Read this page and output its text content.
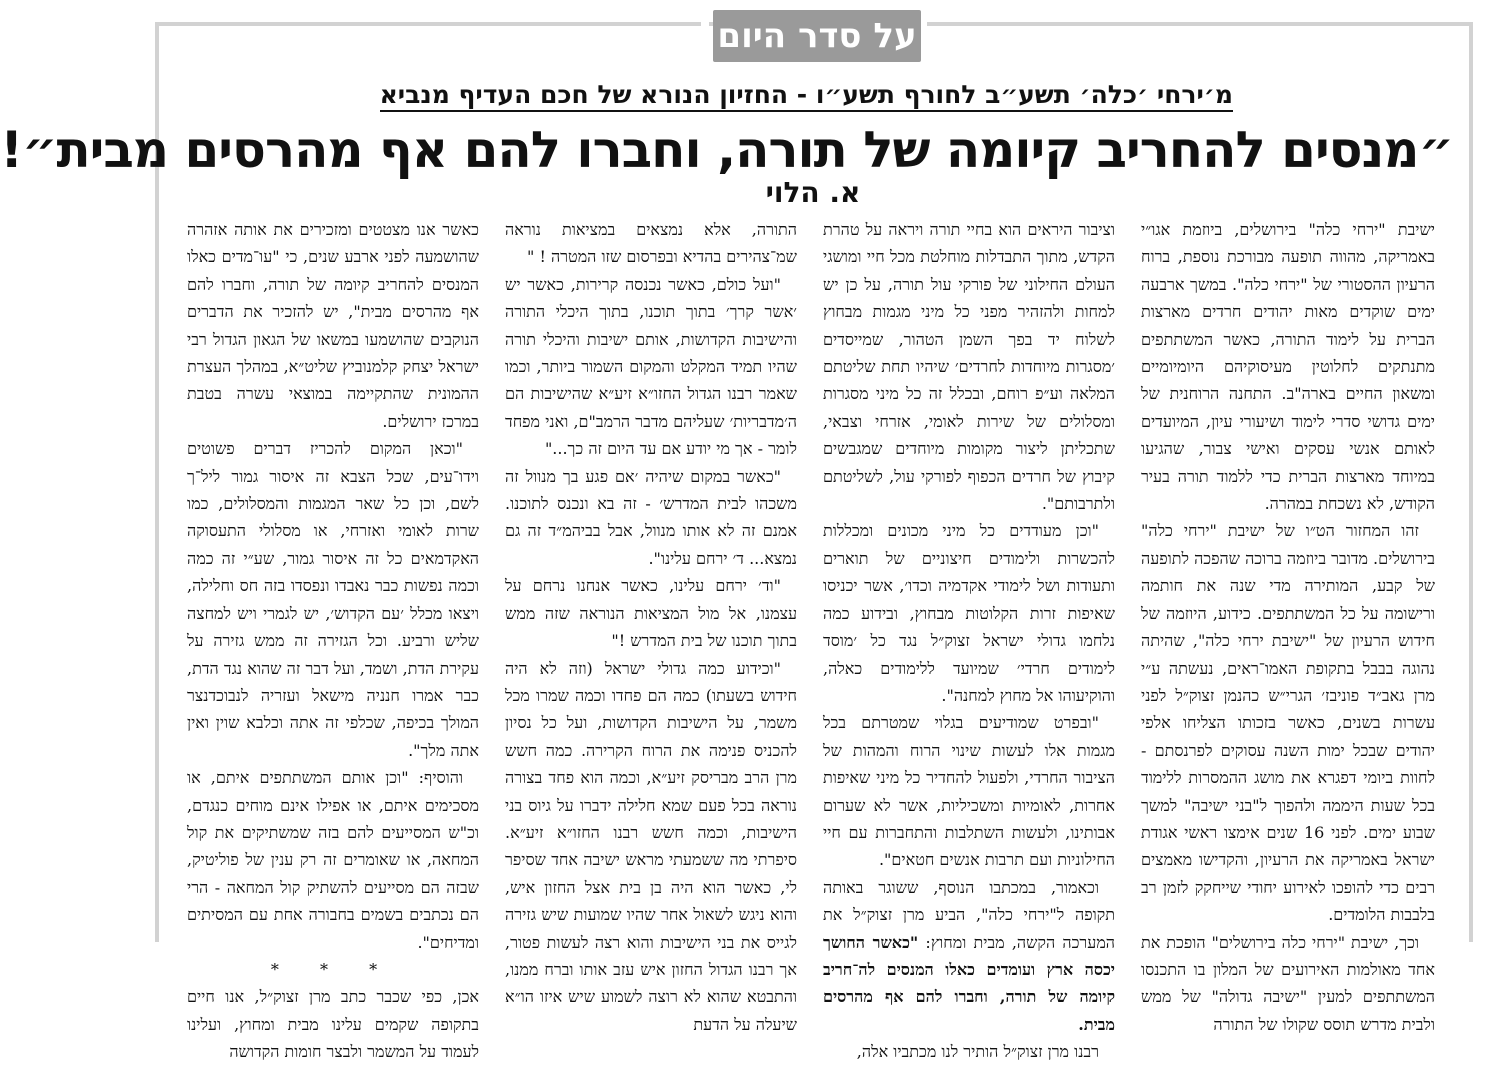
על סדר היום
מ׳ירחי ׳כלה׳ תשע״ב לחורף תשע״ו - החזיון הנורא של חכם העדיף מנביא
״מנסים להחריב קיומה של תורה, וחברו להם אף מהרסים מבית״!
א. הלוי

ישיבת "ירחי כלה" בירושלים, ביוזמת אגו״י באמריקה, מהווה תופעה מבורכת נוספת, ברוח הרעיון ההסטורי של "ירחי כלה". במשך ארבעה ימים שוקדים מאות יהודים חרדים מארצות הברית על לימוד התורה, כאשר המשתתפים מתנתקים לחלוטין מעיסוקיהם היומיומיים ומשאון החיים בארה"ב. התחנה הרוחנית של ימים גדושי סדרי לימוד ושיעורי עיון, המיועדים לאותם אנשי עסקים ואישי צבור, שהגיעו במיוחד מארצות הברית כדי ללמוד תורה בעיר הקודש, לא נשכחת במהרה.

זהו המחזור הט״ו של ישיבת "ירחי כלה" בירושלים. מדובר ביוזמה ברוכה שהפכה לתופעה של קבע, המותירה מדי שנה את חותמה ורישומה על כל המשתתפים. כידוע, היוזמה של חידוש הרעיון של "ישיבת ירחי כלה", שהיתה נהוגה בבבל בתקופת האמו־ראים, נעשתה ע״י מרן גאב״ד פוניבז׳ הגרי״ש כהנמן זצוק״ל לפני עשרות בשנים, כאשר בזכותו הצליחו אלפי יהודים שבכל ימות השנה עסוקים לפרנסתם - לחוות ביומי דפגרא את מושג ההמסרות ללימוד בכל שעות היממה ולהפוך ל"בני ישיבה" למשך שבוע ימים. לפני 16 שנים אימצו ראשי אגודת ישראל באמריקה את הרעיון, והקדישו מאמצים רבים כדי להופכו לאירוע יחודי שייחקק לזמן רב בלבבות הלומדים.

וכך, ישיבת "ירחי כלה בירושלים" הופכת את אחד מאולמות האירועים של המלון בו התכנסו המשתתפים למעין "ישיבה גדולה" של ממש ולבית מדרש תוסס שקולו של התורה

וציבור היראים הוא בחיי תורה ויראה על טהרת הקדש, מתוך התבדלות מוחלטת מכל חיי ומושגי העולם החילוני של פורקי עול תורה, על כן יש למחות ולהזהיר מפני כל מיני מגמות מבחוץ לשלוח יד בפך השמן הטהור, שמייסדים ׳מסגרות מיוחדות לחרדים׳ שיהיו תחת שליטתם המלאה וע״פ רוחם, ובכלל זה כל מיני מסגרות ומסלולים של שירות לאומי, אזרחי וצבאי, שתכליתן ליצור מקומות מיוחדים שמגבשים קיבוץ של חרדים הכפוף לפורקי עול, לשליטתם ולתרבותם".

"וכן מעודדים כל מיני מכונים ומכללות להכשרות ולימודים חיצוניים של תוארים ותעודות ושל לימודי אקדמיה וכדו׳, אשר יכניסו שאיפות זרות הקלוטות מבחוץ, ובידוע כמה נלחמו גדולי ישראל זצוק״ל נגד כל ׳מוסד לימודים חרדי׳ שמיועד ללימודים כאלה, והוקיעוהו אל מחוץ למחנה".

"ובפרט שמודיעים בגלוי שמטרתם בכל מגמות אלו לעשות שינוי הרוח והמהות של הציבור החרדי, ולפעול להחדיר כל מיני שאיפות אחרות, לאומיות ומשכיליות, אשר לא שערום אבותינו, ולעשות השתלבות והתחברות עם חיי החילוניות ועם תרבות אנשים חטאים".

וכאמור, במכתבו הנוסף, ששוגר באותה תקופה ל"ירחי כלה", הביע מרן זצוק״ל את המערכה הקשה, מבית ומחוץ: "כאשר החושך יכסה ארץ ועומדים כאלו המנסים לה־חריב קיומה של תורה, וחברו להם אף מהרסים מבית.

רבנו מרן זצוק״ל הותיר לנו מכתביו אלה,

התורה, אלא נמצאים במציאות נוראה שמ־צהירים בהדיא ובפרסום שזו המטרה ! "

"ועל כולם, כאשר נכנסה קרירות, כאשר יש ׳אשר קרך׳ בתוך תוכנו, בתוך היכלי התורה והישיבות הקדושות, אותם ישיבות והיכלי תורה שהיו תמיד המקלט והמקום השמור ביותר, וכמו שאמר רבנו הגדול החזו״א זיע״א שהישיבות הם ה׳מדבריות׳ שעליהם מדבר הרמב"ם, ואני מפחד לומר - אך מי יודע אם עד היום זה כך..."

"כאשר במקום שיהיה ׳אם פגע בך מנוול זה משכהו לבית המדרש׳ - זה בא ונכנס לתוכנו. אמנם זה לא אותו מנוול, אבל בביהמ״ד זה גם נמצא... ד׳ ירחם עלינו".

"וד׳ ירחם עלינו, כאשר אנחנו נרחם על עצמנו, אל מול המציאות הנוראה שזה ממש בתוך תוכנו של בית המדרש !"

"וכידוע כמה גדולי ישראל (וזה לא היה חידוש בשעתו) כמה הם פחדו וכמה שמרו מכל משמר, על הישיבות הקדושות, ועל כל נסיון להכניס פנימה את הרוח הקרירה. כמה חשש מרן הרב מבריסק זיע״א, וכמה הוא פחד בצורה נוראה בכל פעם שמא חלילה ידברו על גיוס בני הישיבות, וכמה חשש רבנו החזו״א זיע״א. סיפרתי מה ששמעתי מראש ישיבה אחד שסיפר לי, כאשר הוא היה בן בית אצל החזון איש, והוא ניגש לשאול אחר שהיו שמועות שיש גזירה לגייס את בני הישיבות והוא רצה לעשות פטור, אך רבנו הגדול החזון איש עזב אותו וברח ממנו, והתבטא שהוא לא רוצה לשמוע שיש איזו הו״א שיעלה על הדעת

כאשר אנו מצטטים ומזכירים את אותה אזהרה שהושמעה לפני ארבע שנים, כי "עו־מדים כאלו המנסים להחריב קיומה של תורה, וחברו להם אף מהרסים מבית", יש להזכיר את הדברים הנוקבים שהושמעו במשאו של הגאון הגדול רבי ישראל יצחק קלמנוביץ שליט״א, במהלך העצרת ההמונית שהתקיימה במוצאי עשרה בטבת במרכז ירושלים.

"וכאן המקום להכריז דברים פשוטים וידו־עים, שכל הצבא זה איסור גמור ליל־ך לשם, וכן כל שאר המגמות והמסלולים, כמו שרות לאומי ואזרחי, או מסלולי התעסוקה האקדמאים כל זה איסור גמור, שע״י זה כמה וכמה נפשות כבר נאבדו ונפסדו בזה חס וחלילה, ויצאו מכלל ׳עם הקדוש׳, יש לגמרי ויש למחצה שליש ורביע. וכל הגזירה זה ממש גזירה על עקירת הדת, ושמד, ועל דבר זה שהוא נגד הדת, כבר אמרו חנניה מישאל ועזריה לנבוכדנצר המולך בכיפה, שכלפי זה אתה וכלבא שוין ואין אתה מלך".

והוסיף: "וכן אותם המשתתפים איתם, או מסכימים איתם, או אפילו אינם מוחים כנגדם, וכ"ש המסייעים להם בזה שמשתיקים את קול המחאה, או שאומרים זה רק ענין של פוליטיק, שבזה הם מסייעים להשתיק קול המחאה - הרי הם נכתבים בשמים בחבורה אחת עם המסיתים ומדיחים".

* * *

אכן, כפי שכבר כתב מרן זצוק״ל, אנו חיים בתקופה שקמים עלינו מבית ומחוץ, ועלינו לעמוד על המשמר ולבצר חומות הקדושה
